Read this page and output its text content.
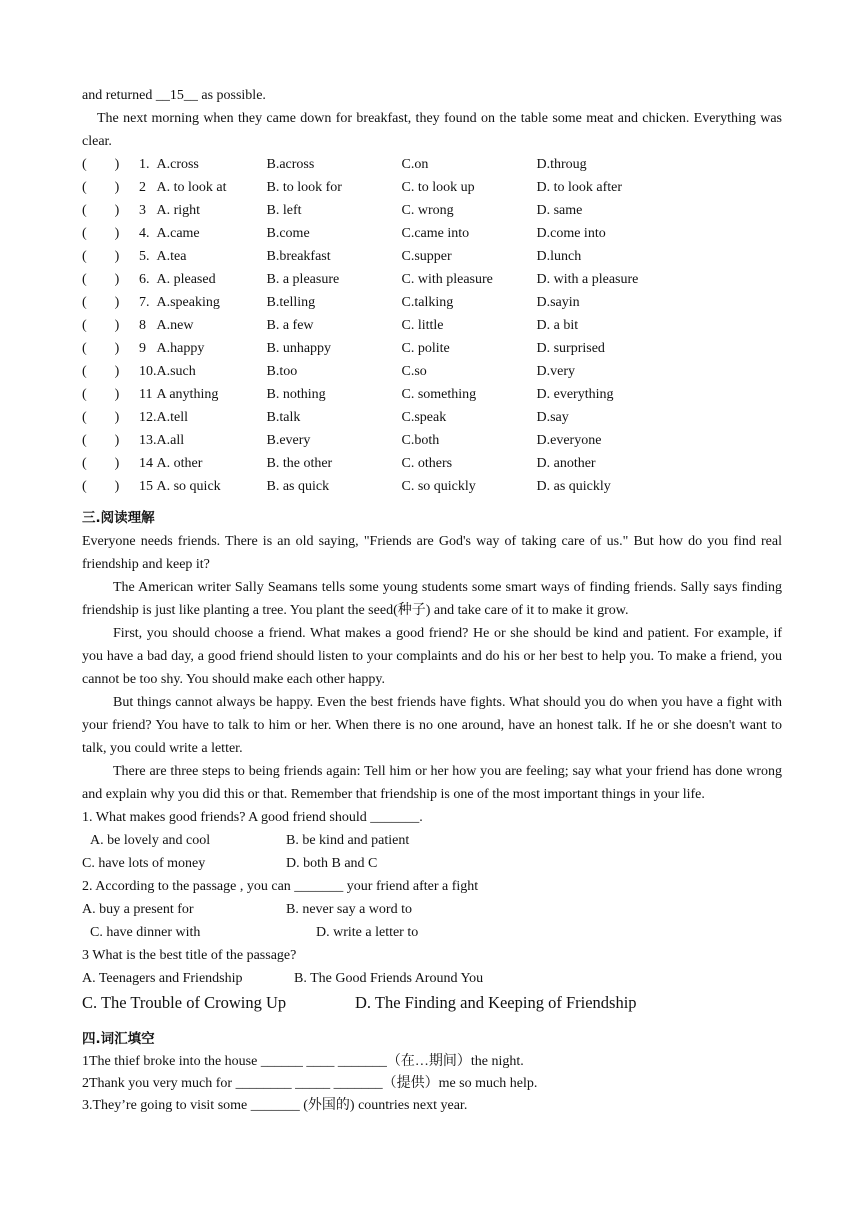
and returned __15__ as possible.
The next morning when they came down for breakfast, they found on the table some meat and chicken. Everything was clear.
(        )	1.	A.cross	B.across	C.on	D.throug
(        )	2	A. to look at	B. to look for	C. to look up	D. to look after
(        )	3	A. right	B. left	C. wrong	D. same
(        )	4.	A.came	B.come	C.came into	D.come into
(        )	5.	A.tea	B.breakfast	C.supper	D.lunch
(        )	6.	A. pleased	B. a pleasure	C. with pleasure	D. with a pleasure
(        )	7.	A.speaking	B.telling	C.talking	D.sayin
(        )	8	A.new	B. a few	C. little	D. a bit
(        )	9	A.happy	B. unhappy	C. polite	D. surprised
(        )	10.	A.such	B.too	C.so	D.very
(        )	11	A anything	B. nothing	C. something	D. everything
(        )	12.	A.tell	B.talk	C.speak	D.say
(        )	13.	A.all	B.every	C.both	D.everyone
(        )	14	A. other	B. the other	C. others	D. another
(        )	15	A. so quick	B. as quick	C. so quickly	D. as quickly
三.阅读理解
Everyone needs friends. There is an old saying, "Friends are God's way of taking care of us." But how do you find real friendship and keep it?
The American writer Sally Seamans tells some young students some smart ways of finding friends. Sally says finding friendship is just like planting a tree. You plant the seed(种子) and take care of it to make it grow.
First, you should choose a friend. What makes a good friend? He or she should be kind and patient. For example, if you have a bad day, a good friend should listen to your complaints and do his or her best to help you. To make a friend, you cannot be too shy. You should make each other happy.
But things cannot always be happy. Even the best friends have fights. What should you do when you have a fight with your friend? You have to talk to him or her. When there is no one around, have an honest talk. If he or she doesn't want to talk, you could write a letter.
There are three steps to being friends again: Tell him or her how you are feeling; say what your friend has done wrong and explain why you did this or that. Remember that friendship is one of the most important things in your life.
1. What makes good friends? A good friend should _______.
A. be lovely and cool	B. be kind and patient
C. have lots of money	D. both B and C
2. According to the passage , you can _______ your friend after a fight
A. buy a present for	B. never say a word to
C. have dinner with	D. write a letter to
3 What is the best title of the passage?
A. Teenagers and Friendship	B. The Good Friends Around You
C. The Trouble of Crowing Up	D. The Finding and Keeping of Friendship
四.词汇填空
1The thief broke into the house ______ ____ _______（在…期间）the night.
2Thank you very much for ________ _____ _______（提供）me so much help.
3.They’re going to visit some _______ (外国的) countries next year.
